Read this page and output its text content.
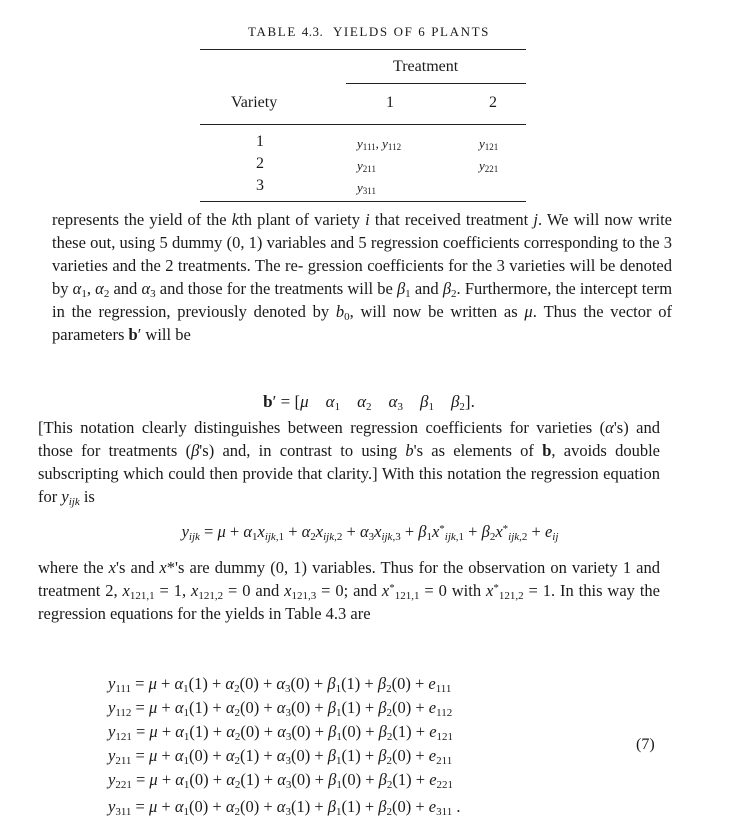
TABLE 4.3. YIELDS OF 6 PLANTS
Treatment
Variety	1	2
1	$y_{111}$, $y_{112}$	$y_{121}$
2	$y_{211}$	$y_{221}$
3	$y_{311}$

represents the yield of the kth plant of variety i that received treatment j. We will now write these out, using 5 dummy (0, 1) variables and 5 regression coefficients corresponding to the 3 varieties and the 2 treatments. The re- gression coefficients for the 3 varieties will be denoted by $\alpha_1$, $\alpha_2$ and $\alpha_3$ and those for the treatments will be $\beta_1$ and $\beta_2$. Furthermore, the intercept term in the regression, previously denoted by $b_0$, will now be written as μ. Thus the vector of parameters b′ will be

b′ = [μ $\alpha_1$ $\alpha_2$ $\alpha_3$ $\beta_1$ $\beta_2$].

[This notation clearly distinguishes between regression coefficients for varieties (α's) and those for treatments (β's) and, in contrast to using b's as elements of b, avoids double subscripting which could then provide that clarity.] With this notation the regression equation for $y_{ijk}$ is

$y_{ijk} = \mu + \alpha_1x_{ijk,1} + \alpha_2x_{ijk,2} + \alpha_3x_{ijk,3} + \beta_1x^*_{ijk,1} + \beta_2x^*_{ijk,2} + e_{ij}$

where the x's and x*'s are dummy (0, 1) variables. Thus for the observation on variety 1 and treatment 2, $x_{121,1} = 1$, $x_{121,2} = 0$ and $x_{121,3} = 0$; and $x^*_{121,1} = 0$ with $x^*_{121,2} = 1$. In this way the regression equations for the yields in Table 4.3 are

$y_{111} = \mu + \alpha_1(1) + \alpha_2(0) + \alpha_3(0) + \beta_1(1) + \beta_2(0) + e_{111}$
$y_{112} = \mu + \alpha_1(1) + \alpha_2(0) + \alpha_3(0) + \beta_1(1) + \beta_2(0) + e_{112}$
$y_{121} = \mu + \alpha_1(1) + \alpha_2(0) + \alpha_3(0) + \beta_1(0) + \beta_2(1) + e_{121}$
$y_{211} = \mu + \alpha_1(0) + \alpha_2(1) + \alpha_3(0) + \beta_1(1) + \beta_2(0) + e_{211}$
$y_{221} = \mu + \alpha_1(0) + \alpha_2(1) + \alpha_3(0) + \beta_1(0) + \beta_2(1) + e_{221}$
$y_{311} = \mu + \alpha_1(0) + \alpha_2(0) + \alpha_3(1) + \beta_1(1) + \beta_2(0) + e_{311}$ .
(7)
